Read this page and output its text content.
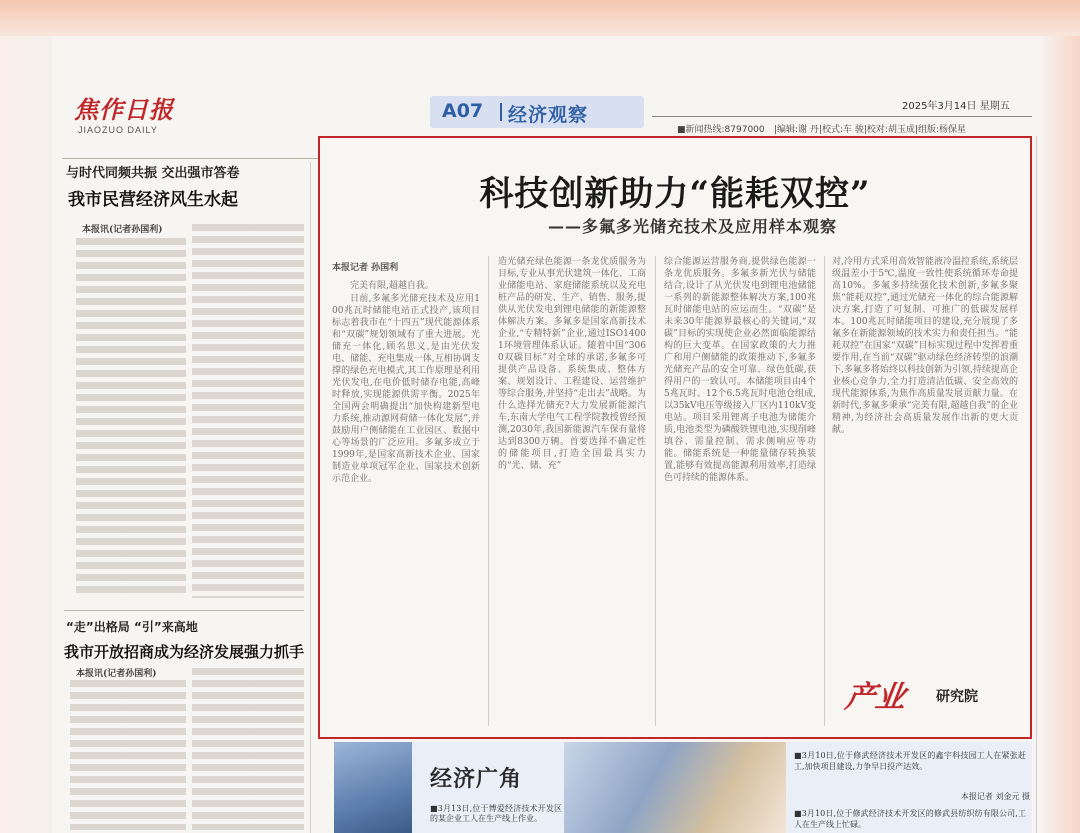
焦作日报
JIAOZUO DAILY
A07 经济观察	2025年3月14日 星期五
■新闻热线:8797000 |编辑:谢 丹|校式:车 骏|校对:胡玉成|组版:杨保星
与时代同频共振 交出强市答卷
我市民营经济风生水起
本报讯(记者孙国利)
“走”出格局 “引”来高地
我市开放招商成为经济发展强力抓手
本报讯(记者孙国利)
科技创新助力“能耗双控”
——多氟多光储充技术及应用样本观察
本报记者 孙国利
完美有限,超越自我。
日前,多氟多光储充技术及应用100兆瓦时储能电站正式投产,该项目标志着我市在“十四五”现代能源体系和“双碳”规划领域有了重大进展。光储充一体化,顾名思义,是由光伏发电、储能、充电集成一体,互相协调支撑的绿色充电模式,其工作原理是利用光伏发电,在电价低时储存电能,高峰时释放,实现能源供需平衡。2025年全国两会明确提出“加快构建新型电力系统,推动源网荷储一体化发展”,并鼓励用户侧储能在工业园区、数据中心等场景的广泛应用。多氟多成立于1999年,是国家高新技术企业、国家制造业单项冠军企业、国家技术创新示范企业。
造光储充绿色能源一条龙优质服务为目标,专业从事光伏建筑一体化、工商业储能电站、家庭储能系统以及充电桩产品的研发、生产、销售、服务,提供从光伏发电到锂电储能的新能源整体解决方案。多氟多是国家高新技术企业,“专精特新”企业,通过ISO14001环境管理体系认证。随着中国“3060双碳目标”对全球的承诺,多氟多可提供产品设备、系统集成、整体方案、规划设计、工程建设、运营维护等综合服务,并坚持“走出去”战略。为什么选择光储充?大力发展新能源汽车,东南大学电气工程学院教授曾经预测,2030年,我国新能源汽车保有量将达到8300万辆。首要选择不确定性的储能项目,打造全国最具实力的“光、储、充”
综合能源运营服务商,提供绿色能源一条龙优质服务。多氟多新光伏与储能结合,设计了从光伏发电到锂电池储能一系列的新能源整体解决方案,100兆瓦时储能电站的应运而生。“双碳”是未来30年能源界最核心的关键词,“双碳”目标的实现使企业必然面临能源结构的巨大变革。在国家政策的大力推广和用户侧储能的政策推动下,多氟多光储充产品的安全可靠、绿色低碳,获得用户的一致认可。本储能项目由4个5兆瓦时、12个6.5兆瓦时电池仓组成,以35kV电压等级接入厂区内110kV变电站。项目采用锂离子电池为储能介质,电池类型为磷酸铁锂电池,实现削峰填谷、需量控制、需求侧响应等功能。储能系统是一种能量储存转换装置,能够有效提高能源利用效率,打造绿色可持续的能源体系。
对,冷用方式采用高效智能液冷温控系统,系统层级温差小于5℃,温度一致性使系统循环寿命提高10%。多氟多持续强化技术创新,多氟多聚焦“能耗双控”,通过光储充一体化的综合能源解决方案,打造了可复制、可推广的低碳发展样本。100兆瓦时储能项目的建设,充分展现了多氟多在新能源领域的技术实力和责任担当。“能耗双控”在国家“双碳”目标实现过程中发挥着重要作用,在当前“双碳”驱动绿色经济转型的浪潮下,多氟多将始终以科技创新为引领,持续提高企业核心竞争力,全力打造清洁低碳、安全高效的现代能源体系,为焦作高质量发展贡献力量。在新时代,多氟多秉承“完美有限,超越自我”的企业精神,为经济社会高质量发展作出新的更大贡献。
产业 研究院
经济广角
■3月13日,位于博爱经济技术开发区的某企业工人在生产线上作业。
■3月10日,位于修武经济技术开发区的鑫宇科技园工人在紧张赶工,加快项目建设,力争早日投产达效。
本报记者 刘金元 摄
■3月10日,位于修武经济技术开发区的修武县纺织纺有限公司,工人在生产线上忙碌。
